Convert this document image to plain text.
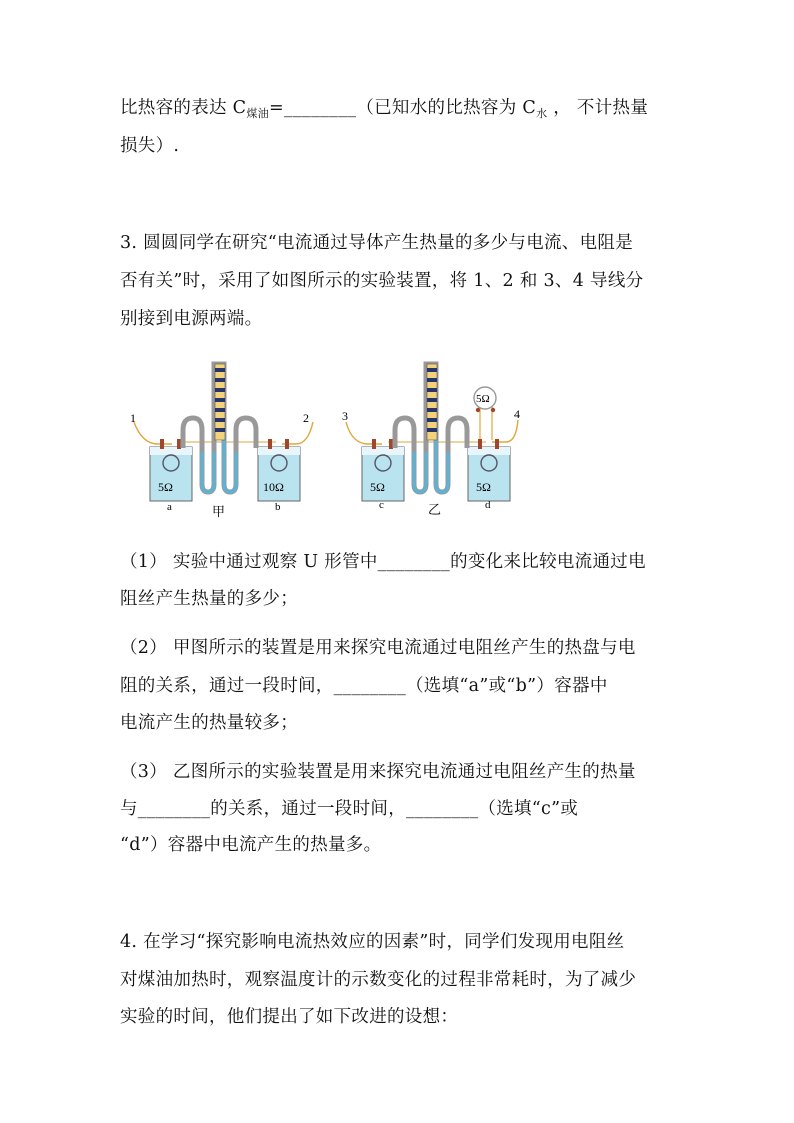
比热容的表达 $C_{煤油}=\_\_\_\_\_\_\_\_$（已知水的比热容为 $C_水$ ， 不计热量
损失）.
3. 圆圆同学在研究“电流通过导体产生热量的多少与电流、电阻是
否有关”时，采用了如图所示的实验装置，将 1、2 和 3、4 导线分
别接到电源两端。
1	2
5Ω	10Ω
a	b
甲
5Ω
3	4
5Ω	5Ω
c	d
乙
（1） 实验中通过观察 U 形管中________的变化来比较电流通过电
阻丝产生热量的多少；
（2） 甲图所示的装置是用来探究电流通过电阻丝产生的热盘与电
阻的关系，通过一段时间，________（选填“a”或“b”）容器中
电流产生的热量较多；
（3） 乙图所示的实验装置是用来探究电流通过电阻丝产生的热量
与________的关系，通过一段时间，________（选填“c”或
“d”）容器中电流产生的热量多。
4. 在学习“探究影响电流热效应的因素”时，同学们发现用电阻丝
对煤油加热时，观察温度计的示数变化的过程非常耗时，为了减少
实验的时间，他们提出了如下改进的设想：
